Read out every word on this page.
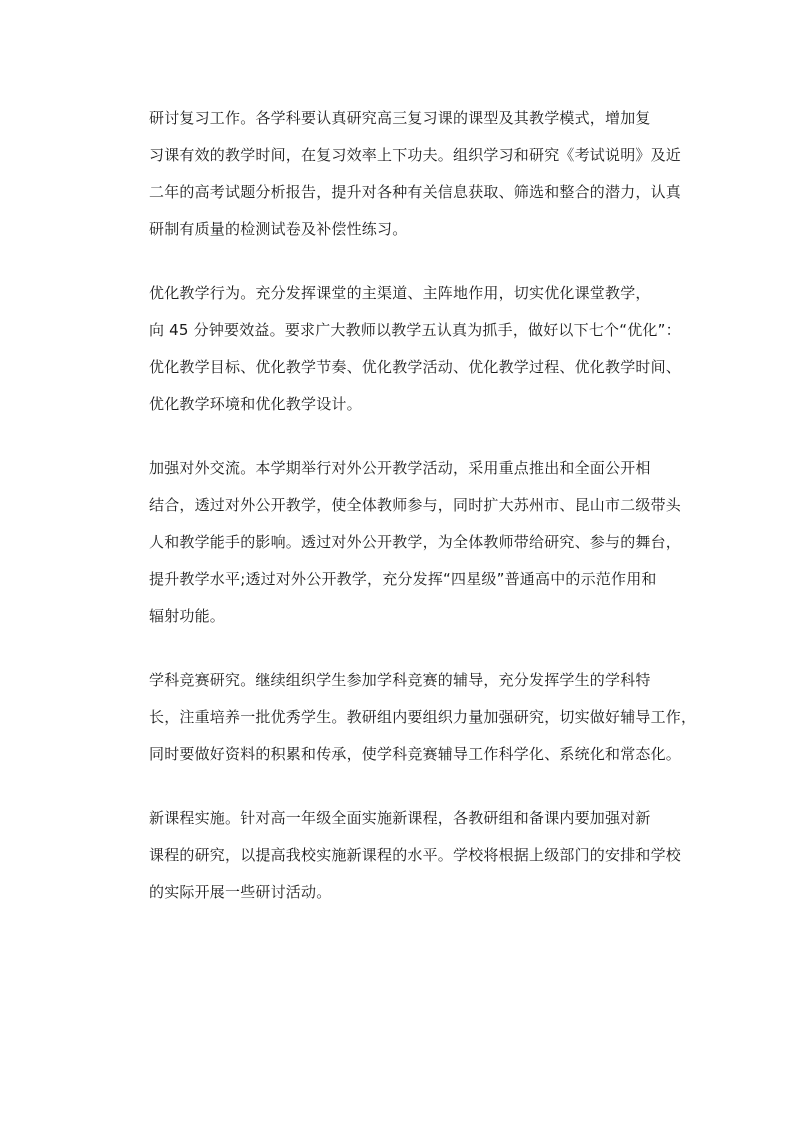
研讨复习工作。各学科要认真研究高三复习课的课型及其教学模式，增加复
习课有效的教学时间，在复习效率上下功夫。组织学习和研究《考试说明》及近
二年的高考试题分析报告，提升对各种有关信息获取、筛选和整合的潜力，认真
研制有质量的检测试卷及补偿性练习。

优化教学行为。充分发挥课堂的主渠道、主阵地作用，切实优化课堂教学，
向 45 分钟要效益。要求广大教师以教学五认真为抓手，做好以下七个“优化”：
优化教学目标、优化教学节奏、优化教学活动、优化教学过程、优化教学时间、
优化教学环境和优化教学设计。

加强对外交流。本学期举行对外公开教学活动，采用重点推出和全面公开相
结合，透过对外公开教学，使全体教师参与，同时扩大苏州市、昆山市二级带头
人和教学能手的影响。透过对外公开教学，为全体教师带给研究、参与的舞台，
提升教学水平;透过对外公开教学，充分发挥“四星级”普通高中的示范作用和
辐射功能。

学科竞赛研究。继续组织学生参加学科竞赛的辅导，充分发挥学生的学科特
长，注重培养一批优秀学生。教研组内要组织力量加强研究，切实做好辅导工作，
同时要做好资料的积累和传承，使学科竞赛辅导工作科学化、系统化和常态化。

新课程实施。针对高一年级全面实施新课程，各教研组和备课内要加强对新
课程的研究，以提高我校实施新课程的水平。学校将根据上级部门的安排和学校
的实际开展一些研讨活动。
